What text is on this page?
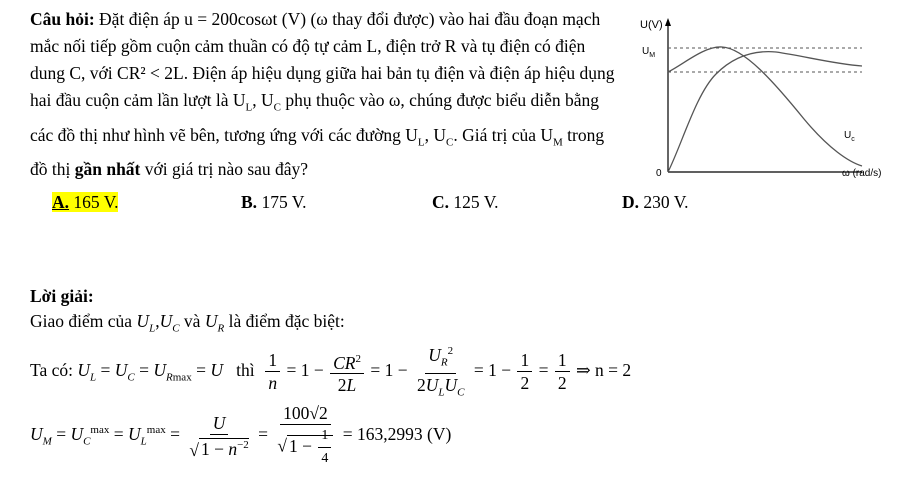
Câu hỏi: Đặt điện áp u = 200cosωt (V) (ω thay đổi được) vào hai đầu đoạn mạch mắc nối tiếp gồm cuộn cảm thuần có độ tự cảm L, điện trở R và tụ điện có điện dung C, với CR² < 2L. Điện áp hiệu dụng giữa hai bản tụ điện và điện áp hiệu dụng hai đầu cuộn cảm lần lượt là $U_L$, $U_C$ phụ thuộc vào ω, chúng được biểu diễn bằng các đồ thị như hình vẽ bên, tương ứng với các đường $U_L$, $U_C$. Giá trị của $U_M$ trong đồ thị gần nhất với giá trị nào sau đây?
A. 165 V.	B. 175 V.	C. 125 V.	D. 230 V.
U(V)
$U_M$
$U_c$
0	ω (rad/s)
Lời giải:
Giao điểm của $U_L,U_C$ và $U_R$ là điểm đặc biệt:
Ta có: $U_L = U_C = U_{Rmax} = U$ thì $\frac{1}{n} = 1 - \frac{CR^2}{2L} = 1 - \frac{U_R^2}{2U_LU_C} = 1 - \frac{1}{2} = \frac{1}{2}$ ⇒ n = 2
$U_M = U_C^{max} = U_L^{max} = \frac{U}{√ 1 - n^{-2}} = \frac{100√2}{√ 1 - \frac{1}{4}} = 163,2993$ (V)
